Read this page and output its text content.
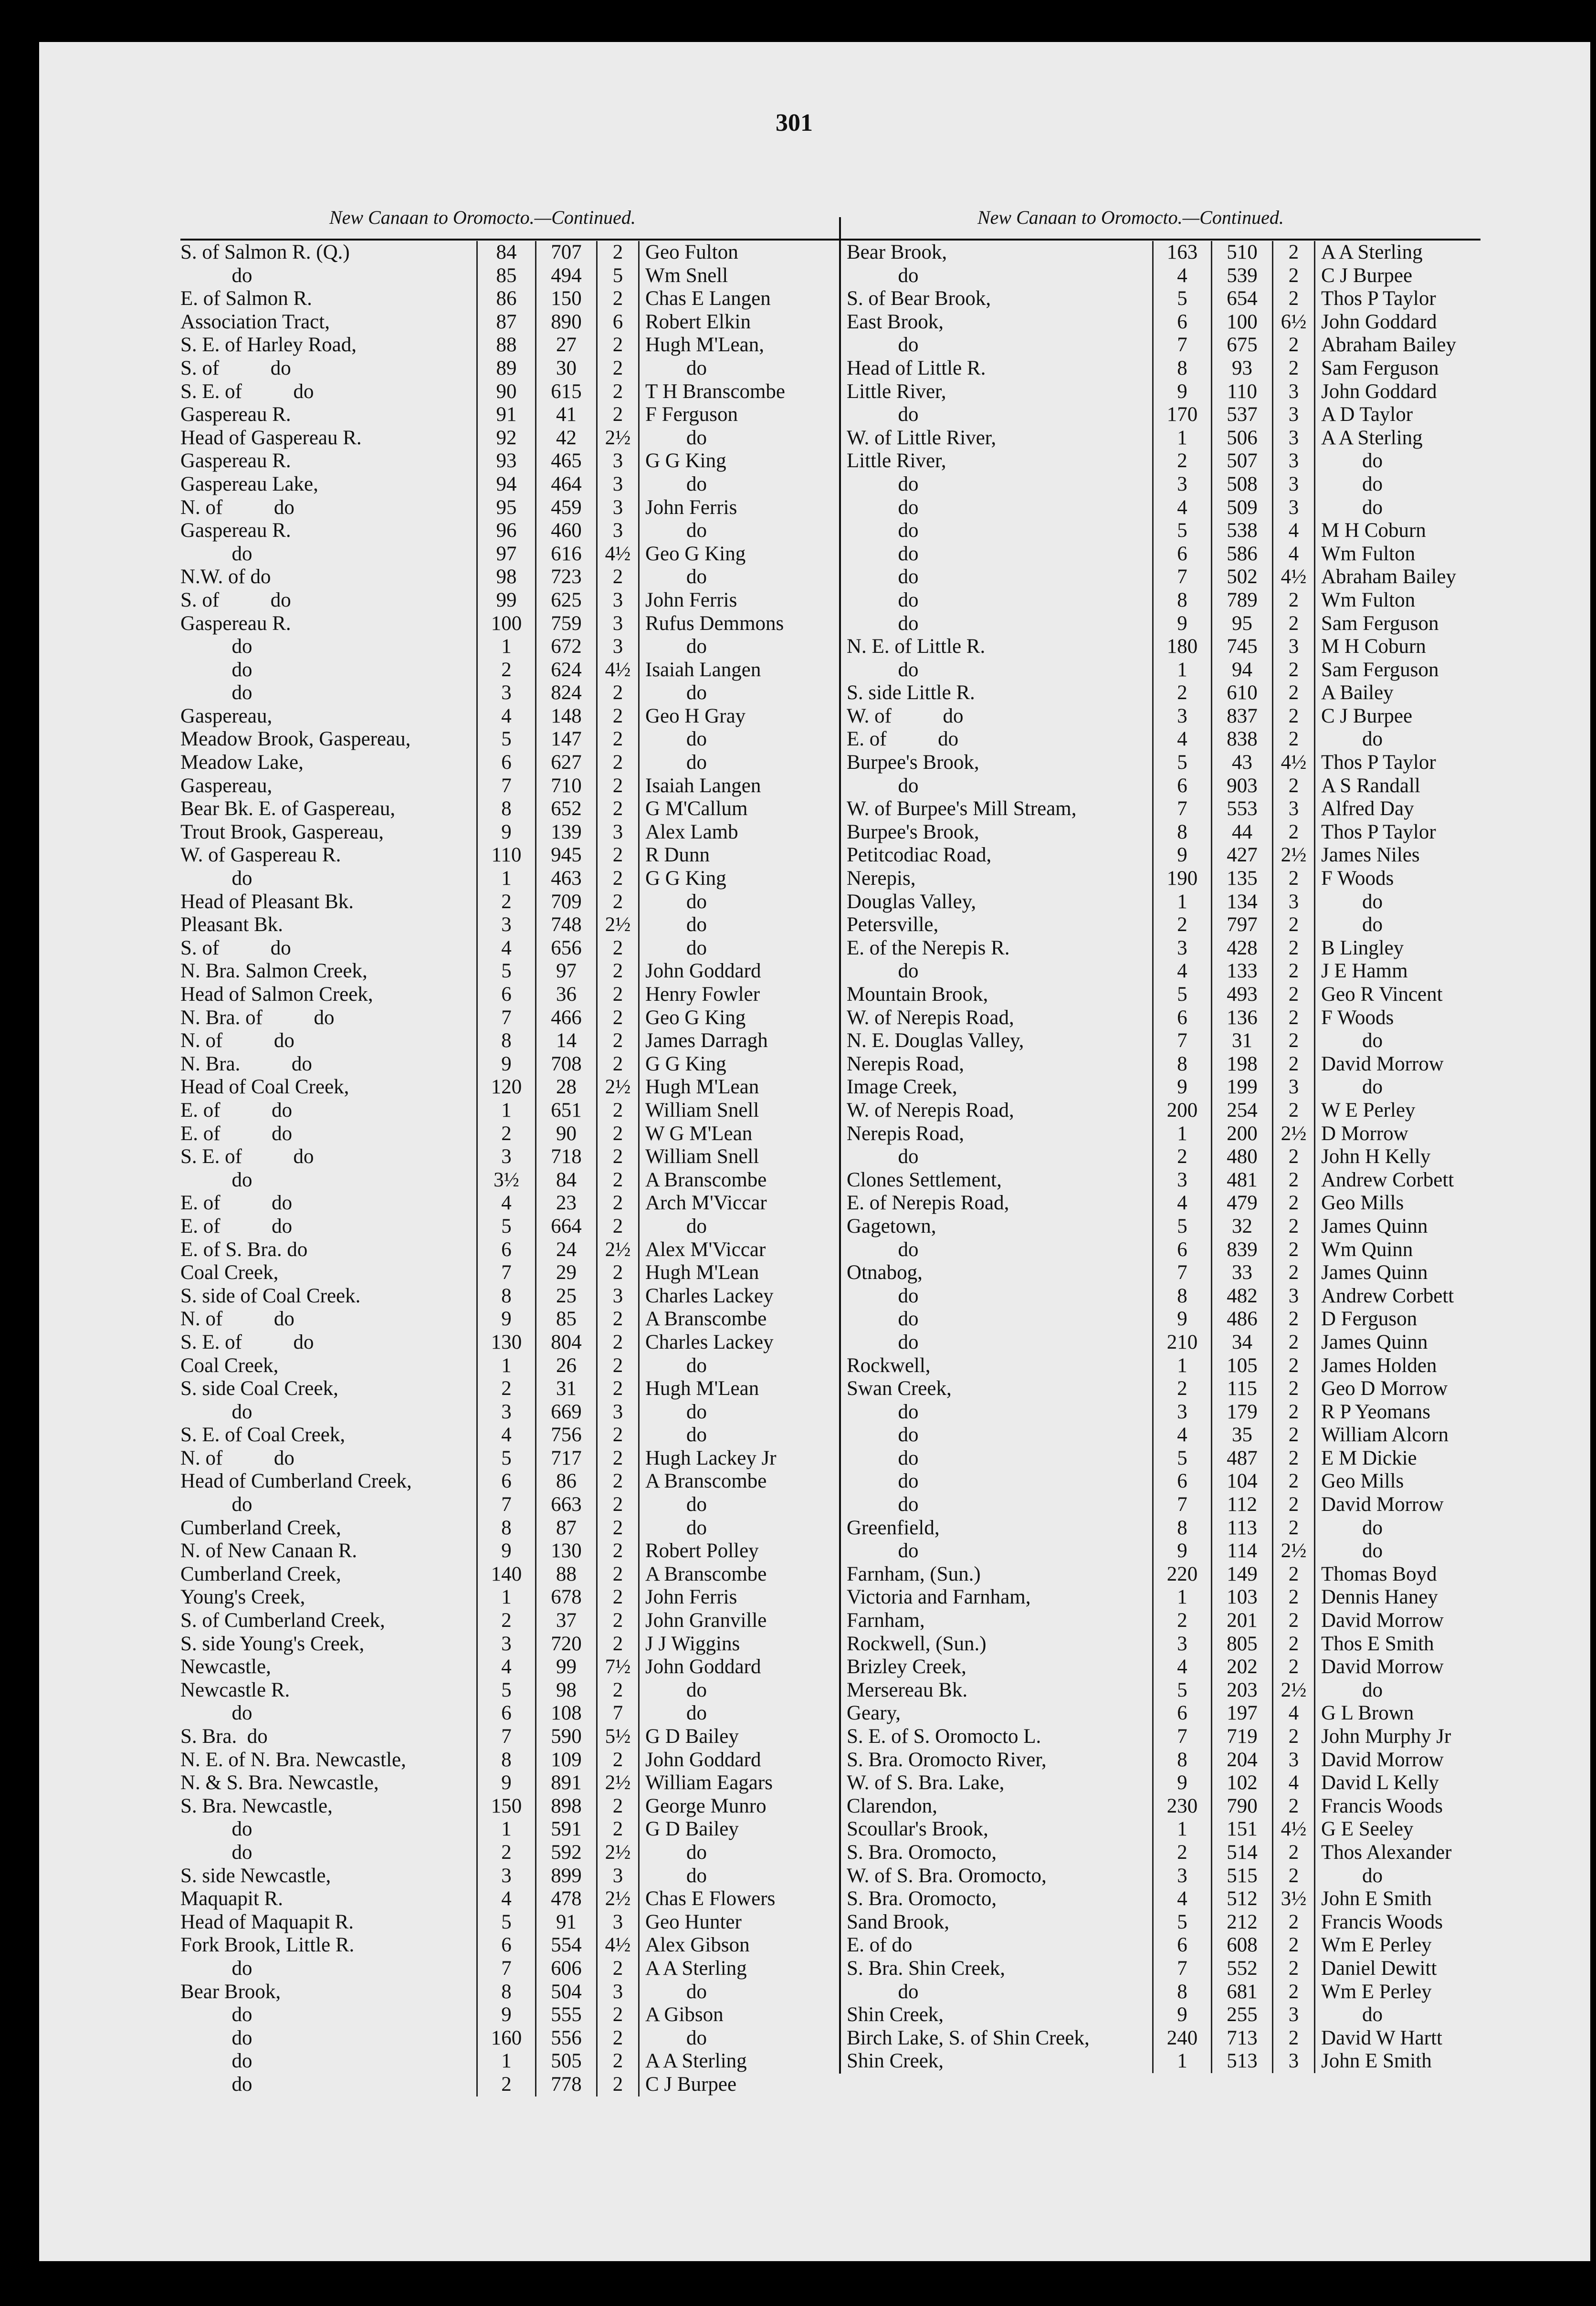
301
New Canaan to Oromocto.—Continued.	New Canaan to Oromocto.—Continued.
S. of Salmon R. (Q.)	84	707	2	Geo Fulton
do	85	494	5	Wm Snell
E. of Salmon R.	86	150	2	Chas E Langen
Association Tract,	87	890	6	Robert Elkin
S. E. of Harley Road,	88	27	2	Hugh M'Lean,
S. of          do	89	30	2	do
S. E. of          do	90	615	2	T H Branscombe
Gaspereau R.	91	41	2	F Ferguson
Head of Gaspereau R.	92	42	2½ do
Gaspereau R.	93	465	3	G G King
Gaspereau Lake,	94	464	3	do
N. of          do	95	459	3	John Ferris
Gaspereau R.	96	460	3	do
do	97	616	4½ Geo G King
N.W. of do	98	723	2	do
S. of          do	99	625	3	John Ferris
Gaspereau R.	100	759	3	Rufus Demmons
do	1	672	3	do
do	2	624	4½ Isaiah Langen
do	3	824	2	do
Gaspereau,	4	148	2	Geo H Gray
Meadow Brook, Gaspereau,	5	147	2	do
Meadow Lake,	6	627	2	do
Gaspereau,	7	710	2	Isaiah Langen
Bear Bk. E. of Gaspereau,	8	652	2	G M'Callum
Trout Brook, Gaspereau,	9	139	3	Alex Lamb
W. of Gaspereau R.	110	945	2	R Dunn
do	1	463	2	G G King
Head of Pleasant Bk.	2	709	2	do
Pleasant Bk.	3	748	2½ do
S. of          do	4	656	2	do
N. Bra. Salmon Creek,	5	97	2	John Goddard
Head of Salmon Creek,	6	36	2	Henry Fowler
N. Bra. of          do	7	466	2	Geo G King
N. of          do	8	14	2	James Darragh
N. Bra.          do	9	708	2	G G King
Head of Coal Creek,	120	28	2½ Hugh M'Lean
E. of          do	1	651	2	William Snell
E. of          do	2	90	2	W G M'Lean
S. E. of          do	3	718	2	William Snell
do	3½	84	2	A Branscombe
E. of          do	4	23	2	Arch M'Viccar
E. of          do	5	664	2	do
E. of S. Bra. do	6	24	2½ Alex M'Viccar
Coal Creek,	7	29	2	Hugh M'Lean
S. side of Coal Creek.	8	25	3	Charles Lackey
N. of          do	9	85	2	A Branscombe
S. E. of          do	130	804	2	Charles Lackey
Coal Creek,	1	26	2	do
S. side Coal Creek,	2	31	2	Hugh M'Lean
do	3	669	3	do
S. E. of Coal Creek,	4	756	2	do
N. of          do	5	717	2	Hugh Lackey Jr
Head of Cumberland Creek,	6	86	2	A Branscombe
do	7	663	2	do
Cumberland Creek,	8	87	2	do
N. of New Canaan R.	9	130	2	Robert Polley
Cumberland Creek,	140	88	2	A Branscombe
Young's Creek,	1	678	2	John Ferris
S. of Cumberland Creek,	2	37	2	John Granville
S. side Young's Creek,	3	720	2	J J Wiggins
Newcastle,	4	99	7½ John Goddard
Newcastle R.	5	98	2	do
do	6	108	7	do
S. Bra.  do	7	590	5½ G D Bailey
N. E. of N. Bra. Newcastle,	8	109	2	John Goddard
N. & S. Bra. Newcastle,	9	891	2½ William Eagars
S. Bra. Newcastle,	150	898	2	George Munro
do	1	591	2	G D Bailey
do	2	592	2½ do
S. side Newcastle,	3	899	3	do
Maquapit R.	4	478	2½ Chas E Flowers
Head of Maquapit R.	5	91	3	Geo Hunter
Fork Brook, Little R.	6	554	4½ Alex Gibson
do	7	606	2	A A Sterling
Bear Brook,	8	504	3	do
do	9	555	2	A Gibson
do	160	556	2	do
do	1	505	2	A A Sterling
do	2	778	2	C J Burpee
Bear Brook,	163	510	2	A A Sterling
do	4	539	2	C J Burpee
S. of Bear Brook,	5	654	2	Thos P Taylor
East Brook,	6	100	6½ John Goddard
do	7	675	2	Abraham Bailey
Head of Little R.	8	93	2	Sam Ferguson
Little River,	9	110	3	John Goddard
do	170	537	3	A D Taylor
W. of Little River,	1	506	3	A A Sterling
Little River,	2	507	3	do
do	3	508	3	do
do	4	509	3	do
do	5	538	4	M H Coburn
do	6	586	4	Wm Fulton
do	7	502	4½ Abraham Bailey
do	8	789	2	Wm Fulton
do	9	95	2	Sam Ferguson
N. E. of Little R.	180	745	3	M H Coburn
do	1	94	2	Sam Ferguson
S. side Little R.	2	610	2	A Bailey
W. of          do	3	837	2	C J Burpee
E. of          do	4	838	2	do
Burpee's Brook,	5	43	4½ Thos P Taylor
do	6	903	2	A S Randall
W. of Burpee's Mill Stream,	7	553	3	Alfred Day
Burpee's Brook,	8	44	2	Thos P Taylor
Petitcodiac Road,	9	427	2½ James Niles
Nerepis,	190	135	2	F Woods
Douglas Valley,	1	134	3	do
Petersville,	2	797	2	do
E. of the Nerepis R.	3	428	2	B Lingley
do	4	133	2	J E Hamm
Mountain Brook,	5	493	2	Geo R Vincent
W. of Nerepis Road,	6	136	2	F Woods
N. E. Douglas Valley,	7	31	2	do
Nerepis Road,	8	198	2	David Morrow
Image Creek,	9	199	3	do
W. of Nerepis Road,	200	254	2	W E Perley
Nerepis Road,	1	200	2½ D Morrow
do	2	480	2	John H Kelly
Clones Settlement,	3	481	2	Andrew Corbett
E. of Nerepis Road,	4	479	2	Geo Mills
Gagetown,	5	32	2	James Quinn
do	6	839	2	Wm Quinn
Otnabog,	7	33	2	James Quinn
do	8	482	3	Andrew Corbett
do	9	486	2	D Ferguson
do	210	34	2	James Quinn
Rockwell,	1	105	2	James Holden
Swan Creek,	2	115	2	Geo D Morrow
do	3	179	2	R P Yeomans
do	4	35	2	William Alcorn
do	5	487	2	E M Dickie
do	6	104	2	Geo Mills
do	7	112	2	David Morrow
Greenfield,	8	113	2	do
do	9	114	2½ do
Farnham, (Sun.)	220	149	2	Thomas Boyd
Victoria and Farnham,	1	103	2	Dennis Haney
Farnham,	2	201	2	David Morrow
Rockwell, (Sun.)	3	805	2	Thos E Smith
Brizley Creek,	4	202	2	David Morrow
Mersereau Bk.	5	203	2½ do
Geary,	6	197	4	G L Brown
S. E. of S. Oromocto L.	7	719	2	John Murphy Jr
S. Bra. Oromocto River,	8	204	3	David Morrow
W. of S. Bra. Lake,	9	102	4	David L Kelly
Clarendon,	230	790	2	Francis Woods
Scoullar's Brook,	1	151	4½ G E Seeley
S. Bra. Oromocto,	2	514	2	Thos Alexander
W. of S. Bra. Oromocto,	3	515	2	do
S. Bra. Oromocto,	4	512	3½ John E Smith
Sand Brook,	5	212	2	Francis Woods
E. of do	6	608	2	Wm E Perley
S. Bra. Shin Creek,	7	552	2	Daniel Dewitt
do	8	681	2	Wm E Perley
Shin Creek,	9	255	3	do
Birch Lake, S. of Shin Creek,	240	713	2	David W Hartt
Shin Creek,	1	513	3	John E Smith
